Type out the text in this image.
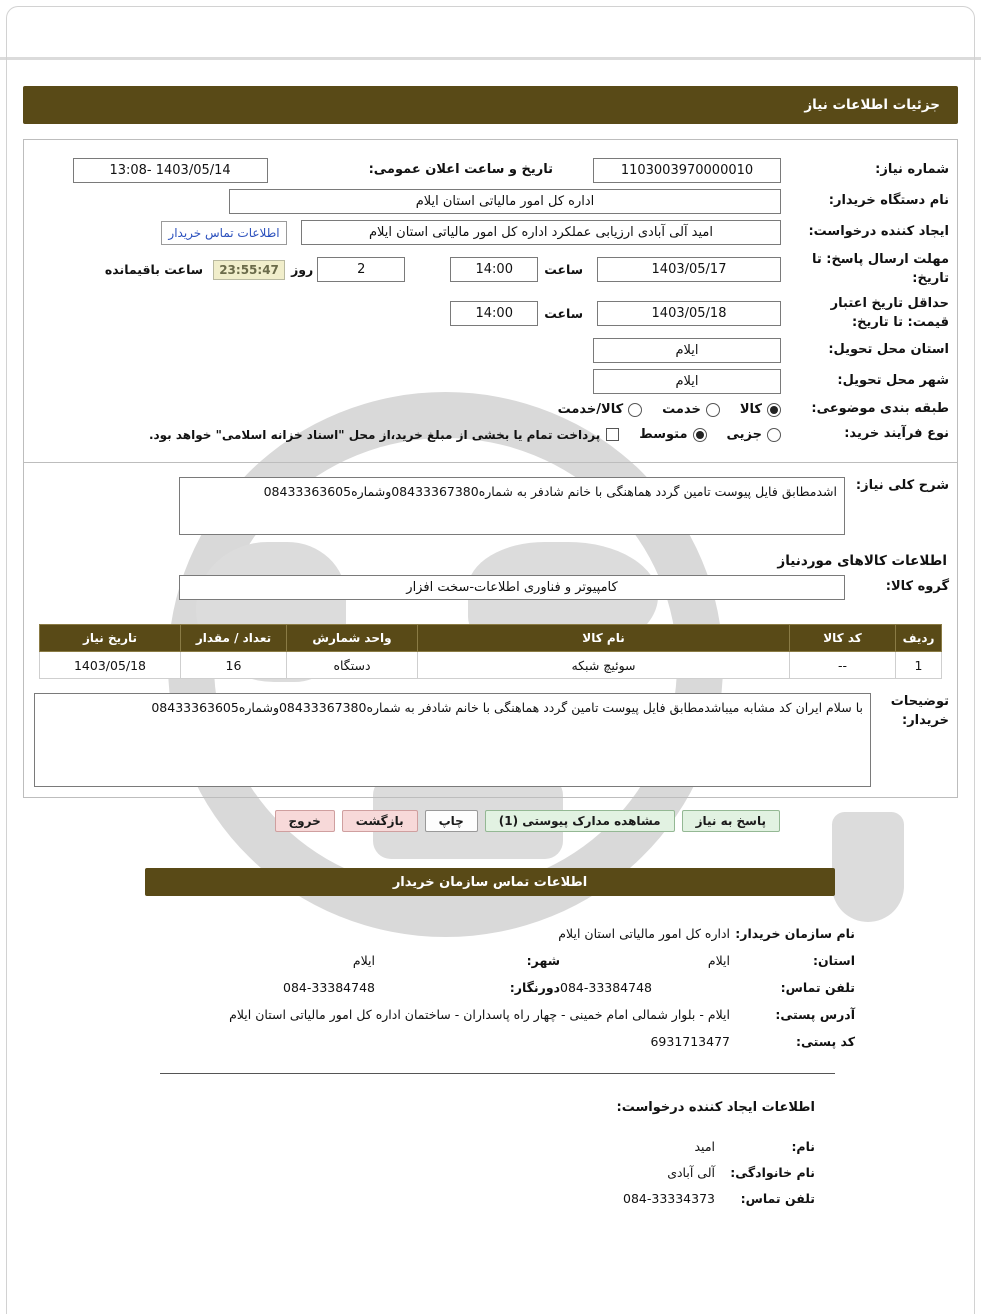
جزئیات اطلاعات نیاز
شماره نیاز:
1103003970000010
تاریخ و ساعت اعلان عمومی:
13:08- 1403/05/14
نام دستگاه خریدار:
اداره کل امور مالیاتی استان ایلام
ایجاد کننده درخواست:
امید آلی آبادی ارزیابی عملکرد اداره کل امور مالیاتی استان ایلام
اطلاعات تماس خریدار
مهلت ارسال پاسخ: تا تاریخ:
1403/05/17
ساعت
14:00
2
روز
23:55:47
ساعت باقیمانده
حداقل تاریخ اعتبار قیمت: تا تاریخ:
1403/05/18
ساعت
14:00
استان محل تحویل:
ایلام
شهر محل تحویل:
ایلام
طبقه بندی موضوعی:
کالا
خدمت
کالا/خدمت
نوع فرآیند خرید:
جزیی
متوسط
پرداخت تمام یا بخشی از مبلغ خرید،از محل "اسناد خزانه اسلامی" خواهد بود.
شرح کلی نیاز:
اشدمطابق فایل پیوست تامین گردد هماهنگی با خانم شادفر به شماره08433367380وشماره08433363605
اطلاعات کالاهای موردنیاز
گروه کالا:
کامپیوتر و فناوری اطلاعات-سخت افزار
ردیف	کد کالا	نام کالا	واحد شمارش	تعداد / مقدار	تاریخ نیاز
1	--	سوئیچ شبکه	دستگاه	16	1403/05/18
توضیحات خریدار:
با سلام ایران کد مشابه میباشدمطابق فایل پیوست تامین گردد هماهنگی با خانم شادفر به شماره08433367380وشماره08433363605
پاسخ به نیاز
مشاهده مدارک پیوستی (1)
چاپ
بازگشت
خروج
اطلاعات تماس سازمان خریدار
نام سازمان خریدار:
اداره کل امور مالیاتی استان ایلام
استان:
ایلام
شهر:
ایلام
تلفن تماس:
084-33384748
دورنگار:
084-33384748
آدرس پستی:
ایلام - بلوار شمالی امام خمینی - چهار راه پاسداران - ساختمان اداره کل امور مالیاتی استان ایلام
کد پستی:
6931713477
اطلاعات ایجاد کننده درخواست:
نام:
امید
نام خانوادگی:
آلی آبادی
تلفن تماس:
084-33334373
